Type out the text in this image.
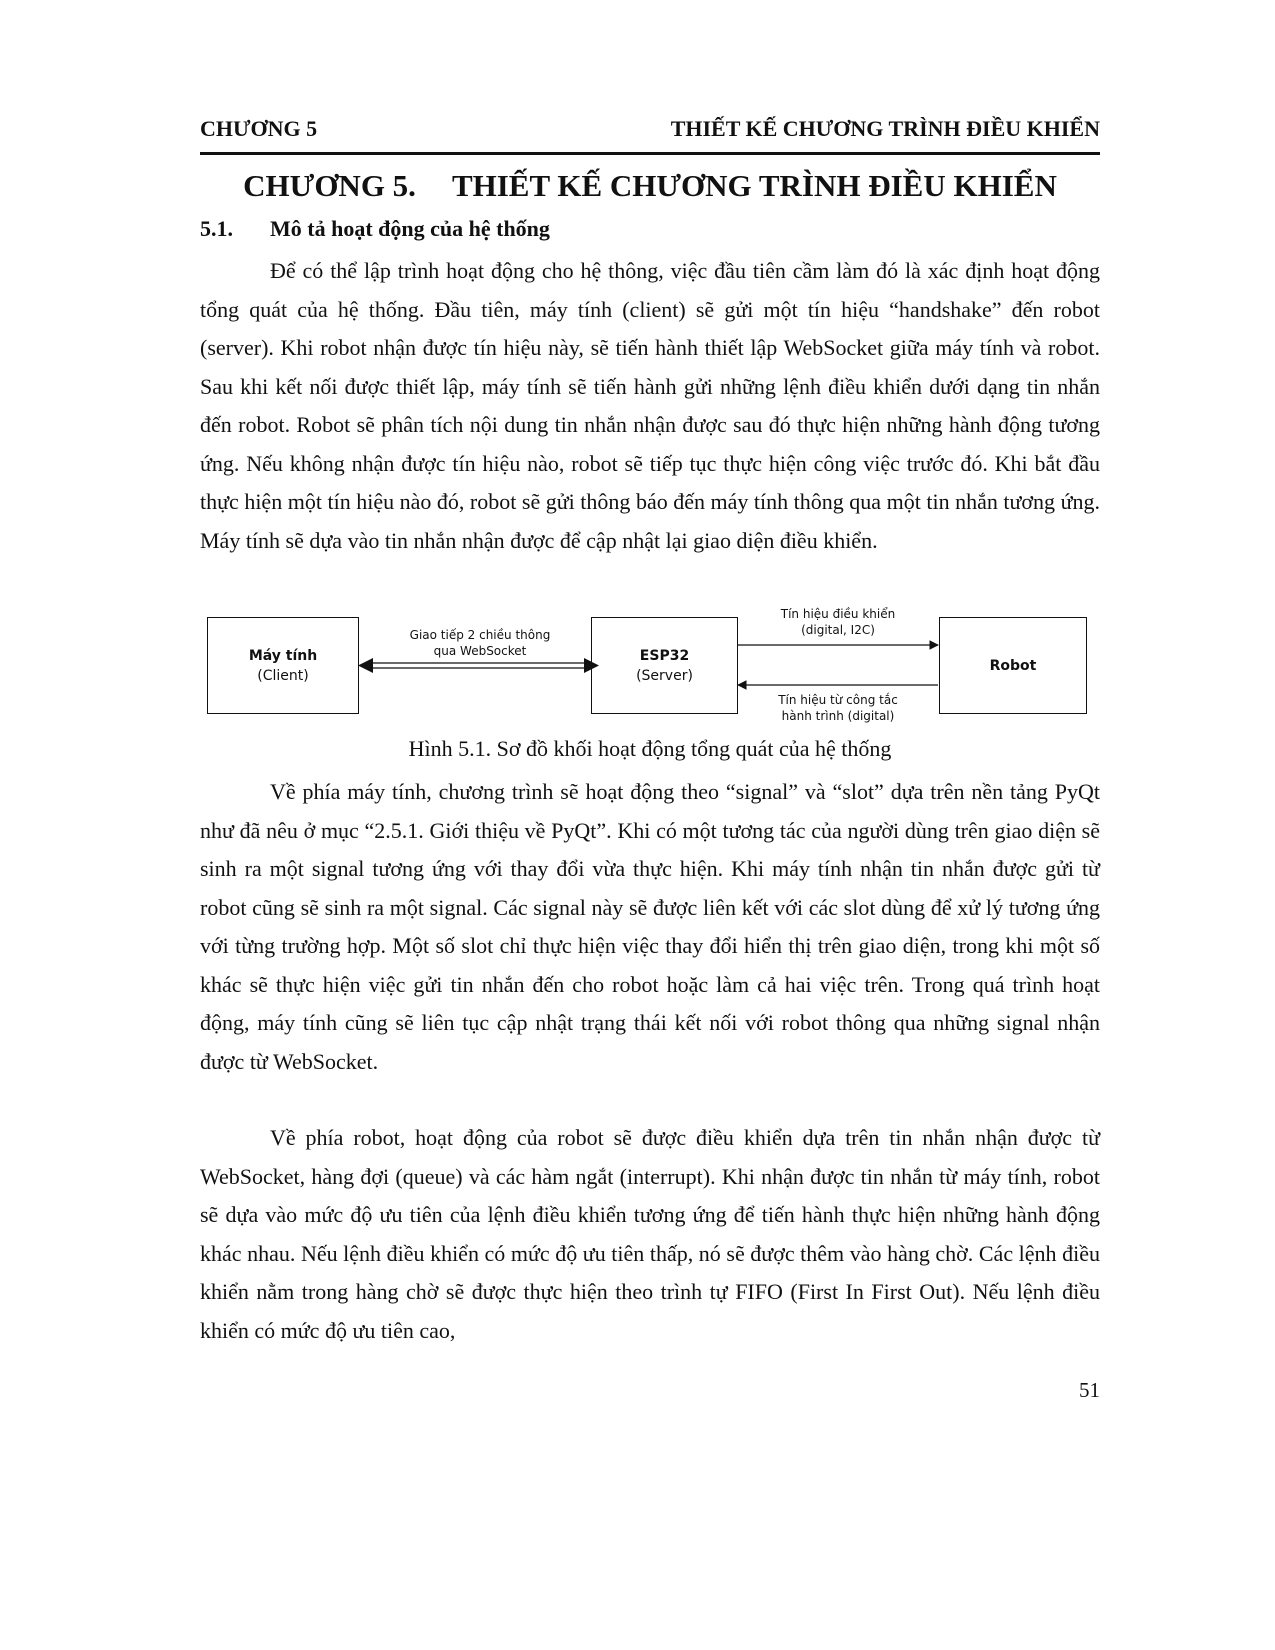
CHƯƠNG 5	THIẾT KẾ CHƯƠNG TRÌNH ĐIỀU KHIỂN
CHƯƠNG 5. THIẾT KẾ CHƯƠNG TRÌNH ĐIỀU KHIỂN
5.1. Mô tả hoạt động của hệ thống

Để có thể lập trình hoạt động cho hệ thông, việc đầu tiên cầm làm đó là xác định hoạt động tổng quát của hệ thống. Đầu tiên, máy tính (client) sẽ gửi một tín hiệu “handshake” đến robot (server). Khi robot nhận được tín hiệu này, sẽ tiến hành thiết lập WebSocket giữa máy tính và robot. Sau khi kết nối được thiết lập, máy tính sẽ tiến hành gửi những lệnh điều khiển dưới dạng tin nhắn đến robot. Robot sẽ phân tích nội dung tin nhắn nhận được sau đó thực hiện những hành động tương ứng. Nếu không nhận được tín hiệu nào, robot sẽ tiếp tục thực hiện công việc trước đó. Khi bắt đầu thực hiện một tín hiệu nào đó, robot sẽ gửi thông báo đến máy tính thông qua một tin nhắn tương ứng. Máy tính sẽ dựa vào tin nhắn nhận được để cập nhật lại giao diện điều khiển.

Máy tính
(Client)
ESP32
(Server)
Robot
Giao tiếp 2 chiều thông
qua WebSocket
Tín hiệu điều khiển
(digital, I2C)
Tín hiệu từ công tắc
hành trình (digital)
Hình 5.1. Sơ đồ khối hoạt động tổng quát của hệ thống

Về phía máy tính, chương trình sẽ hoạt động theo “signal” và “slot” dựa trên nền tảng PyQt như đã nêu ở mục “2.5.1. Giới thiệu về PyQt”. Khi có một tương tác của người dùng trên giao diện sẽ sinh ra một signal tương ứng với thay đổi vừa thực hiện. Khi máy tính nhận tin nhắn được gửi từ robot cũng sẽ sinh ra một signal. Các signal này sẽ được liên kết với các slot dùng để xử lý tương ứng với từng trường hợp. Một số slot chỉ thực hiện việc thay đổi hiển thị trên giao diện, trong khi một số khác sẽ thực hiện việc gửi tin nhắn đến cho robot hoặc làm cả hai việc trên. Trong quá trình hoạt động, máy tính cũng sẽ liên tục cập nhật trạng thái kết nối với robot thông qua những signal nhận được từ WebSocket.

Về phía robot, hoạt động của robot sẽ được điều khiển dựa trên tin nhắn nhận được từ WebSocket, hàng đợi (queue) và các hàm ngắt (interrupt). Khi nhận được tin nhắn từ máy tính, robot sẽ dựa vào mức độ ưu tiên của lệnh điều khiển tương ứng để tiến hành thực hiện những hành động khác nhau. Nếu lệnh điều khiển có mức độ ưu tiên thấp, nó sẽ được thêm vào hàng chờ. Các lệnh điều khiển nằm trong hàng chờ sẽ được thực hiện theo trình tự FIFO (First In First Out). Nếu lệnh điều khiển có mức độ ưu tiên cao,

51
